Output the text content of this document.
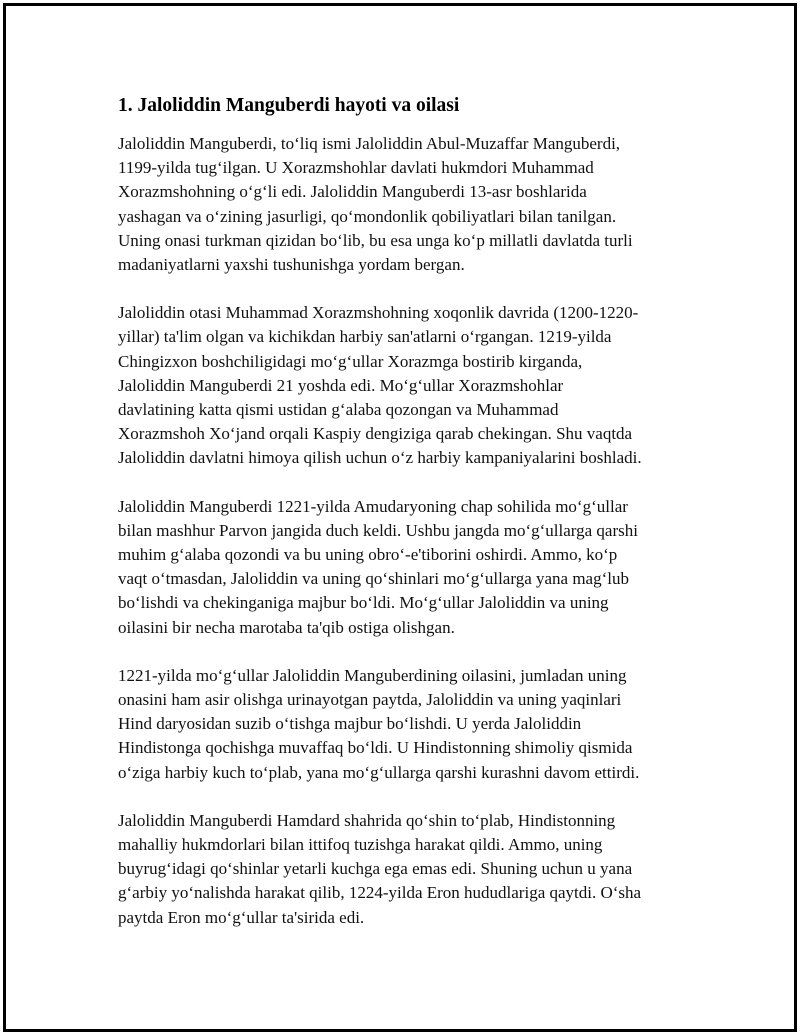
1. Jaloliddin Manguberdi hayoti va oilasi

Jaloliddin Manguberdi, to‘liq ismi Jaloliddin Abul-Muzaffar Manguberdi,
1199-yilda tug‘ilgan. U Xorazmshohlar davlati hukmdori Muhammad
Xorazmshohning o‘g‘li edi. Jaloliddin Manguberdi 13-asr boshlarida
yashagan va o‘zining jasurligi, qo‘mondonlik qobiliyatlari bilan tanilgan.
Uning onasi turkman qizidan bo‘lib, bu esa unga ko‘p millatli davlatda turli
madaniyatlarni yaxshi tushunishga yordam bergan.

Jaloliddin otasi Muhammad Xorazmshohning xoqonlik davrida (1200-1220-
yillar) ta'lim olgan va kichikdan harbiy san'atlarni o‘rgangan. 1219-yilda
Chingizxon boshchiligidagi mo‘g‘ullar Xorazmga bostirib kirganda,
Jaloliddin Manguberdi 21 yoshda edi. Mo‘g‘ullar Xorazmshohlar
davlatining katta qismi ustidan g‘alaba qozongan va Muhammad
Xorazmshoh Xo‘jand orqali Kaspiy dengiziga qarab chekingan. Shu vaqtda
Jaloliddin davlatni himoya qilish uchun o‘z harbiy kampaniyalarini boshladi.

Jaloliddin Manguberdi 1221-yilda Amudaryoning chap sohilida mo‘g‘ullar
bilan mashhur Parvon jangida duch keldi. Ushbu jangda mo‘g‘ullarga qarshi
muhim g‘alaba qozondi va bu uning obro‘-e'tiborini oshirdi. Ammo, ko‘p
vaqt o‘tmasdan, Jaloliddin va uning qo‘shinlari mo‘g‘ullarga yana mag‘lub
bo‘lishdi va chekinganiga majbur bo‘ldi. Mo‘g‘ullar Jaloliddin va uning
oilasini bir necha marotaba ta'qib ostiga olishgan.

1221-yilda mo‘g‘ullar Jaloliddin Manguberdining oilasini, jumladan uning
onasini ham asir olishga urinayotgan paytda, Jaloliddin va uning yaqinlari
Hind daryosidan suzib o‘tishga majbur bo‘lishdi. U yerda Jaloliddin
Hindistonga qochishga muvaffaq bo‘ldi. U Hindistonning shimoliy qismida
o‘ziga harbiy kuch to‘plab, yana mo‘g‘ullarga qarshi kurashni davom ettirdi.

Jaloliddin Manguberdi Hamdard shahrida qo‘shin to‘plab, Hindistonning
mahalliy hukmdorlari bilan ittifoq tuzishga harakat qildi. Ammo, uning
buyrug‘idagi qo‘shinlar yetarli kuchga ega emas edi. Shuning uchun u yana
g‘arbiy yo‘nalishda harakat qilib, 1224-yilda Eron hududlariga qaytdi. O‘sha
paytda Eron mo‘g‘ullar ta'sirida edi.
